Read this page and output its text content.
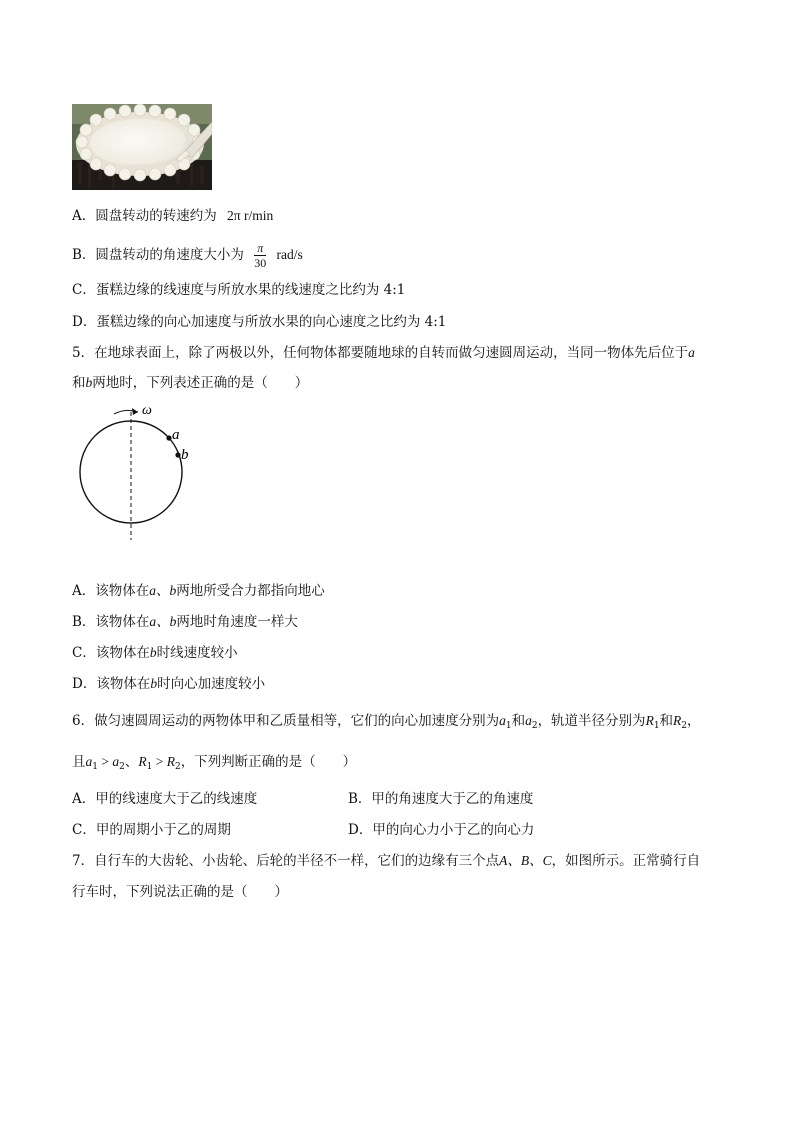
A．圆盘转动的转速约为 2π r/min
B．圆盘转动的角速度大小为 $\frac{\pi}{30} rad/s$
C．蛋糕边缘的线速度与所放水果的线速度之比约为 4:1
D．蛋糕边缘的向心加速度与所放水果的向心速度之比约为 4:1
5．在地球表面上，除了两极以外，任何物体都要随地球的自转而做匀速圆周运动，当同一物体先后位于a
和b两地时，下列表述正确的是（　　）
ω
a
b
A．该物体在a、b两地所受合力都指向地心
B．该物体在a、b两地时角速度一样大
C．该物体在b时线速度较小
D．该物体在b时向心加速度较小
6．做匀速圆周运动的两物体甲和乙质量相等，它们的向心加速度分别为$a_1$和$a_2$，轨道半径分别为$R_1$和$R_2$，
且$a_1 > a_2$、$R_1 > R_2$，下列判断正确的是（　　）
A．甲的线速度大于乙的线速度	B．甲的角速度大于乙的角速度
C．甲的周期小于乙的周期	D．甲的向心力小于乙的向心力
7．自行车的大齿轮、小齿轮、后轮的半径不一样，它们的边缘有三个点A、B、C，如图所示。正常骑行自
行车时，下列说法正确的是（　　）
